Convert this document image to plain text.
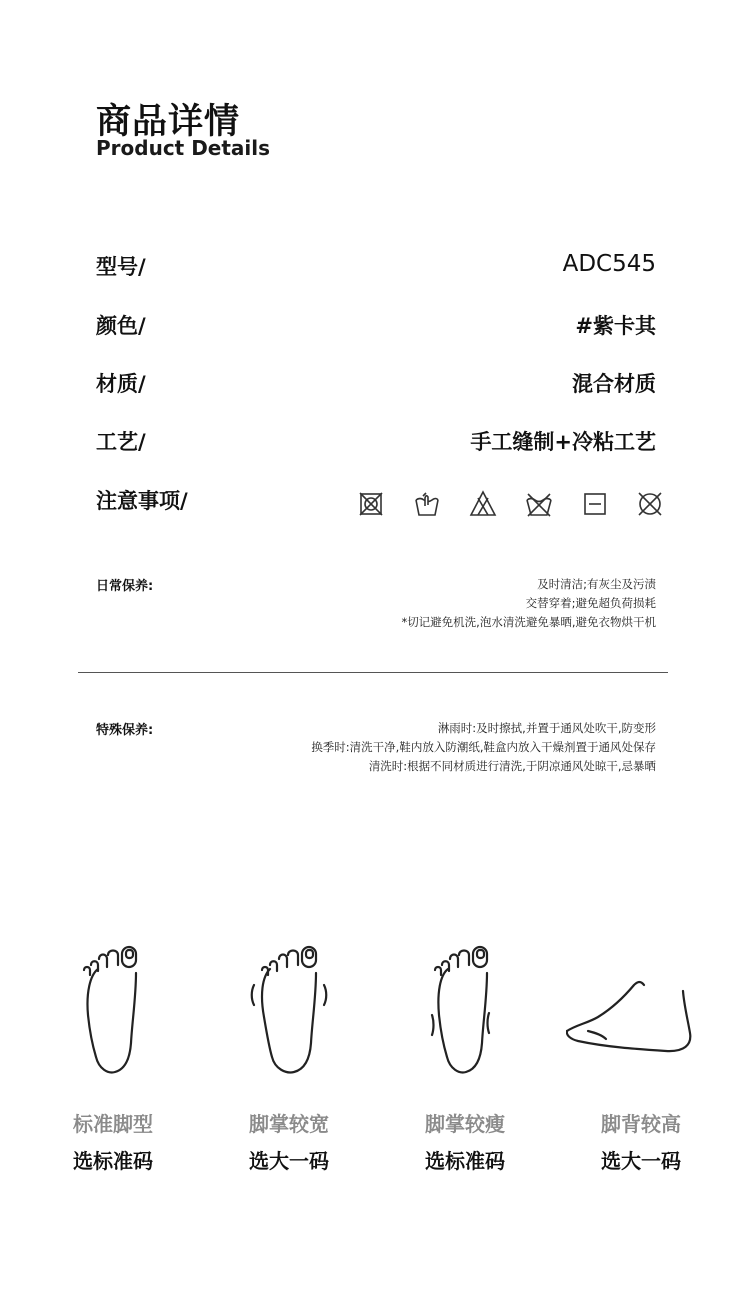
商品详情
Product Details
型号/	ADC545
颜色/	#紫卡其
材质/	混合材质
工艺/	手工缝制+冷粘工艺
注意事项/
日常保养:	及时清洁;有灰尘及污渍
交替穿着;避免超负荷损耗
*切记避免机洗,泡水清洗避免暴晒,避免衣物烘干机
特殊保养:	淋雨时:及时擦拭,并置于通风处吹干,防变形
换季时:清洗干净,鞋内放入防潮纸,鞋盒内放入干燥剂置于通风处保存
清洗时:根据不同材质进行清洗,于阴凉通风处晾干,忌暴晒
标准脚型
选标准码
脚掌较宽
选大一码
脚掌较瘦
选标准码
脚背较高
选大一码
